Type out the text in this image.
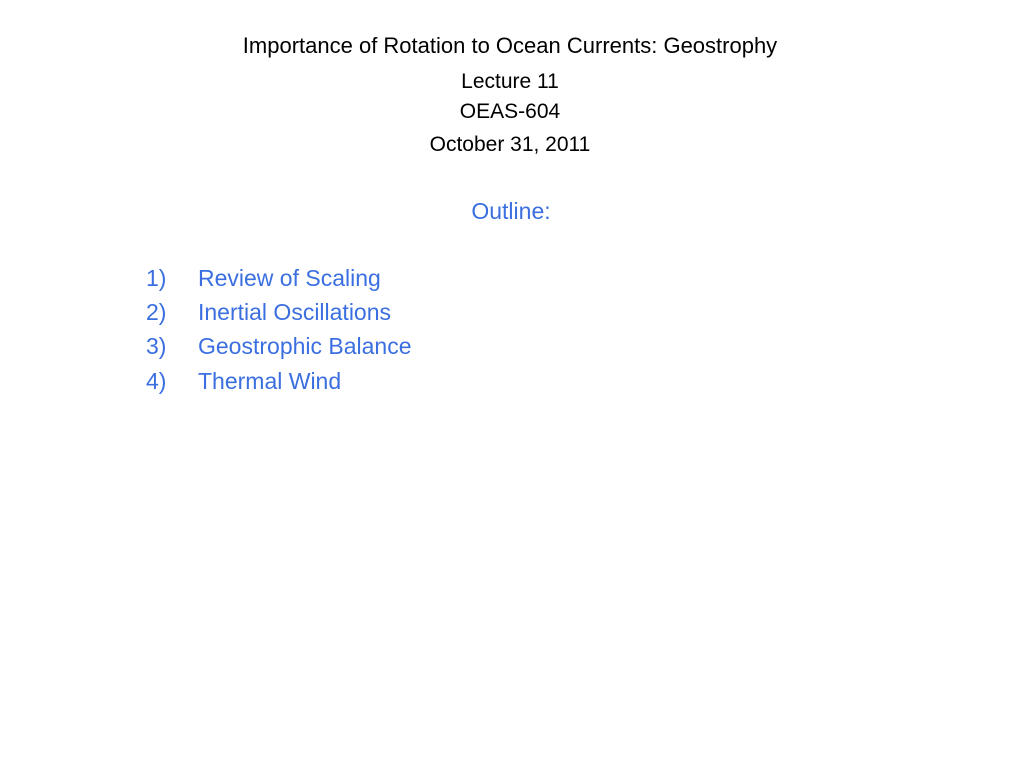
Importance of Rotation to Ocean Currents: Geostrophy
Lecture 11
OEAS-604
October 31, 2011
Outline:
1) Review of Scaling
2) Inertial Oscillations
3) Geostrophic Balance
4) Thermal Wind
